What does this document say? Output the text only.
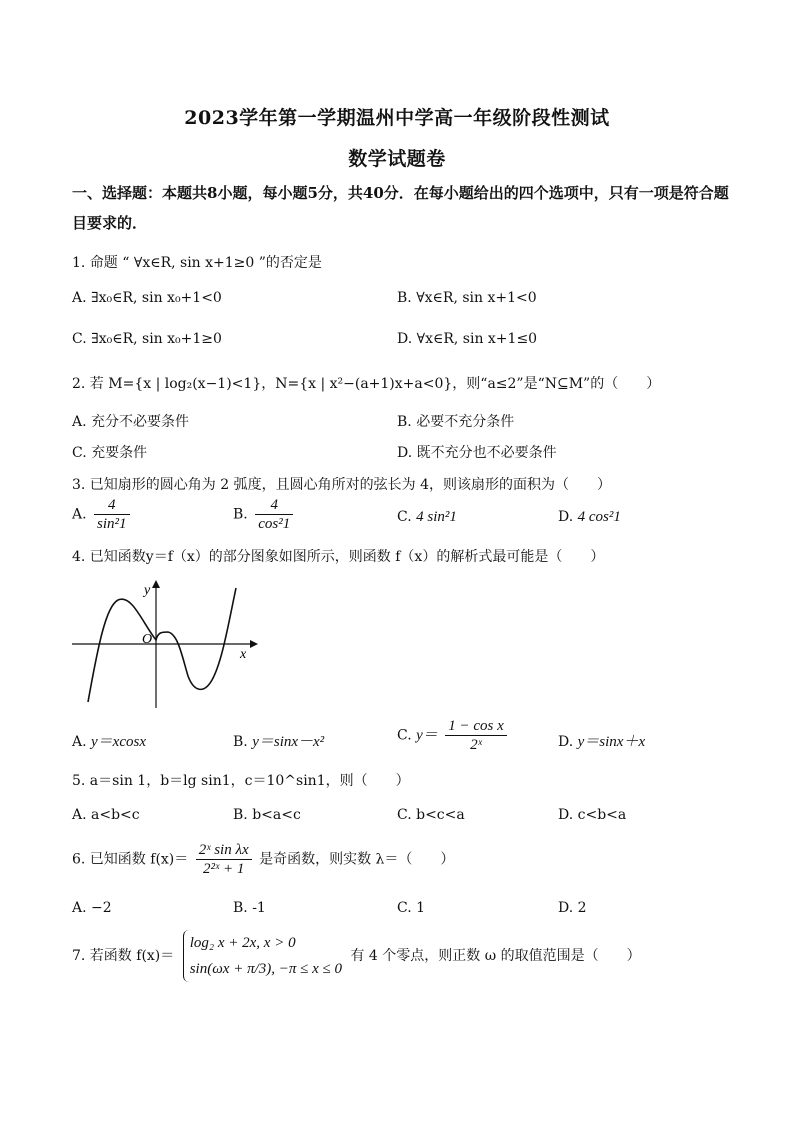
2023学年第一学期温州中学高一年级阶段性测试
数学试题卷
一、选择题：本题共8小题，每小题5分，共40分．在每小题给出的四个选项中，只有一项是符合题目要求的．
1. 命题 “ ∀x∈R, sin x+1≥0 ”的否定是
A. ∃x₀∈R, sin x₀+1<0	B. ∀x∈R, sin x+1<0
C. ∃x₀∈R, sin x₀+1≥0	D. ∀x∈R, sin x+1≤0
2. 若 M={x | log₂(x−1)<1}，N={x | x²−(a+1)x+a<0}，则“a≤2”是“N⊆M”的（　　）
A. 充分不必要条件	B. 必要不充分条件
C. 充要条件	D. 既不充分也不必要条件
3. 已知扇形的圆心角为 2 弧度，且圆心角所对的弦长为 4，则该扇形的面积为（　　）
A. $\frac{4}{\text{sin²1}}$	B. $\frac{4}{\text{cos²1}}$	C. 4 sin²1	D. 4 cos²1
4. 已知函数y＝f（x）的部分图象如图所示，则函数 f（x）的解析式最可能是（　　）
y
x
O
A. y＝xcosx	B. y＝sinx－x²	C. $y= \frac{\text{1 − cos x}}{\text{2ˣ}}$	D. y＝sinx＋x
5. a＝sin 1，b＝lg sin1，c＝10^sin1，则（　　）
A. a<b<c	B. b<a<c	C. b<c<a	D. c<b<a
6. 已知函数 $f(x)= \frac{\text{2ˣ sin λx}}{\text{2²ˣ + 1}}$ 是奇函数，则实数 λ＝（　　）
A. −2	B. -1	C. 1	D. 2
7. 若函数 f(x)＝
log₂ x + 2x, x > 0
sin(ωx + π/3), −π ≤ x ≤ 0
有 4 个零点，则正数 ω 的取值范围是（　　）
